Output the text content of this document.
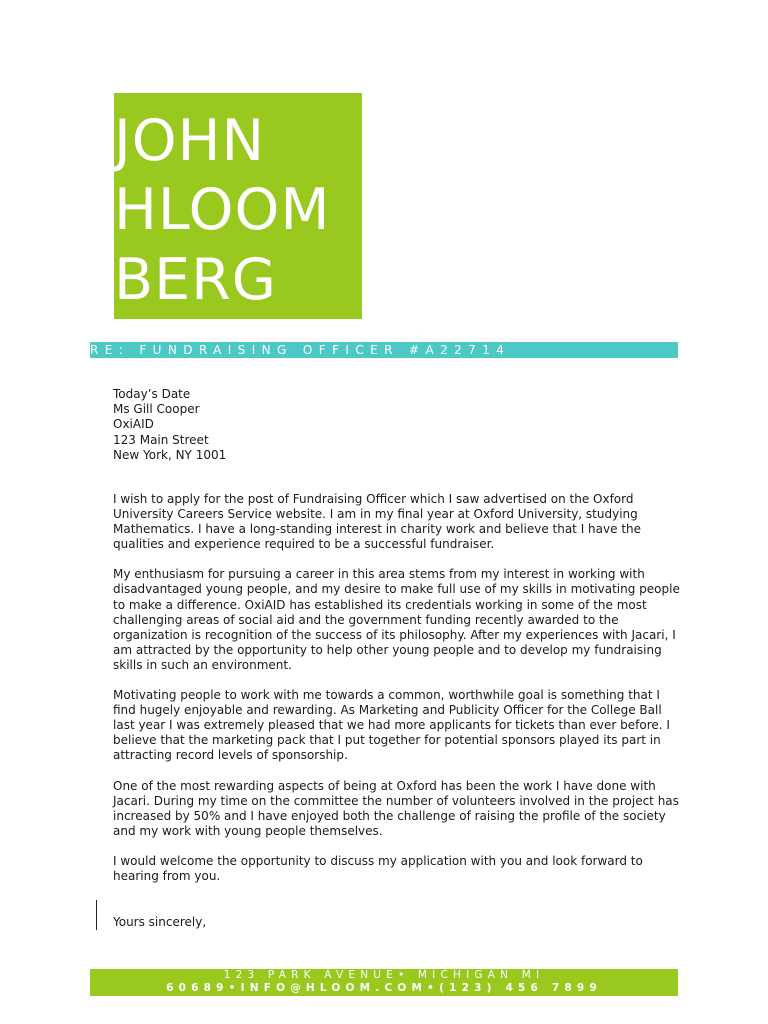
JOHN
HLOOM
BERG
RE: FUNDRAISING OFFICER #A22714
Today’s Date
Ms Gill Cooper
OxiAID
123 Main Street
New York, NY 1001

I wish to apply for the post of Fundraising Officer which I saw advertised on the Oxford University Careers Service website. I am in my final year at Oxford University, studying Mathematics. I have a long-standing interest in charity work and believe that I have the qualities and experience required to be a successful fundraiser.

My enthusiasm for pursuing a career in this area stems from my interest in working with disadvantaged young people, and my desire to make full use of my skills in motivating people to make a difference. OxiAID has established its credentials working in some of the most challenging areas of social aid and the government funding recently awarded to the organization is recognition of the success of its philosophy. After my experiences with Jacari, I am attracted by the opportunity to help other young people and to develop my fundraising skills in such an environment.

Motivating people to work with me towards a common, worthwhile goal is something that I find hugely enjoyable and rewarding. As Marketing and Publicity Officer for the College Ball last year I was extremely pleased that we had more applicants for tickets than ever before. I believe that the marketing pack that I put together for potential sponsors played its part in attracting record levels of sponsorship.

One of the most rewarding aspects of being at Oxford has been the work I have done with Jacari. During my time on the committee the number of volunteers involved in the project has increased by 50% and I have enjoyed both the challenge of raising the profile of the society and my work with young people themselves.

I would welcome the opportunity to discuss my application with you and look forward to hearing from you.

Yours sincerely,
123 PARK AVENUE• MICHIGAN MI
60689•INFO@HLOOM.COM•(123) 456 7899
